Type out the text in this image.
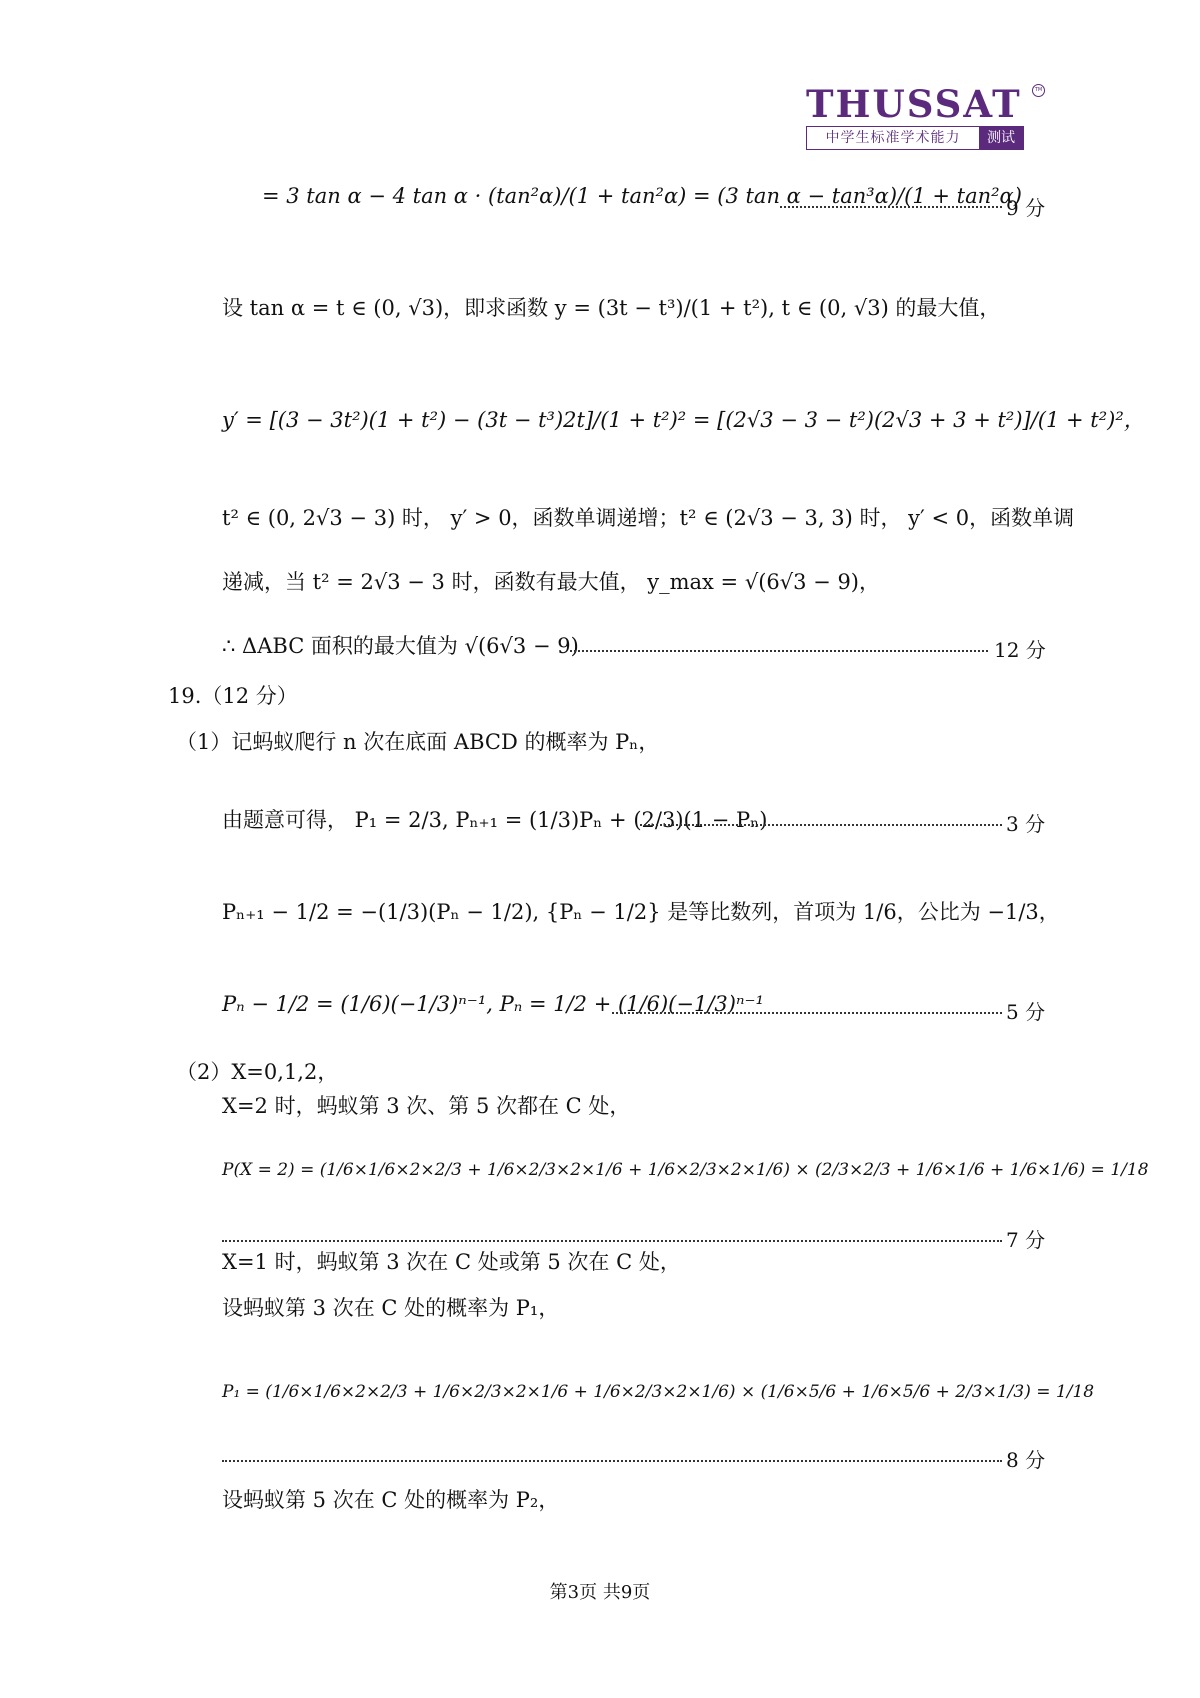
THUSSAT	TM
中学生标准学术能力	测试
= 3 tan α − 4 tan α · (tan²α)/(1 + tan²α) = (3 tan α − tan³α)/(1 + tan²α)
9 分
设 tan α = t ∈ (0, √3)，即求函数 y = (3t − t³)/(1 + t²), t ∈ (0, √3) 的最大值，
y′ = [(3 − 3t²)(1 + t²) − (3t − t³)2t]/(1 + t²)² = [(2√3 − 3 − t²)(2√3 + 3 + t²)]/(1 + t²)²，
t² ∈ (0, 2√3 − 3) 时， y′ > 0，函数单调递增；t² ∈ (2√3 − 3, 3) 时， y′ < 0，函数单调
递减，当 t² = 2√3 − 3 时，函数有最大值， y_max = √(6√3 − 9)，
∴ ΔABC 面积的最大值为 √(6√3 − 9)	12 分
19.（12 分）
（1）记蚂蚁爬行 n 次在底面 ABCD 的概率为 Pₙ，
由题意可得， P₁ = 2/3, Pₙ₊₁ = (1/3)Pₙ + (2/3)(1 − Pₙ)	3 分
Pₙ₊₁ − 1/2 = −(1/3)(Pₙ − 1/2), {Pₙ − 1/2} 是等比数列，首项为 1/6，公比为 −1/3，
Pₙ − 1/2 = (1/6)(−1/3)ⁿ⁻¹, Pₙ = 1/2 + (1/6)(−1/3)ⁿ⁻¹	5 分
（2）X=0,1,2，
X=2 时，蚂蚁第 3 次、第 5 次都在 C 处，
P(X = 2) = (1/6×1/6×2×2/3 + 1/6×2/3×2×1/6 + 1/6×2/3×2×1/6) × (2/3×2/3 + 1/6×1/6 + 1/6×1/6) = 1/18
7 分
X=1 时，蚂蚁第 3 次在 C 处或第 5 次在 C 处，
设蚂蚁第 3 次在 C 处的概率为 P₁，
P₁ = (1/6×1/6×2×2/3 + 1/6×2/3×2×1/6 + 1/6×2/3×2×1/6) × (1/6×5/6 + 1/6×5/6 + 2/3×1/3) = 1/18
8 分
设蚂蚁第 5 次在 C 处的概率为 P₂，
第3页 共9页
